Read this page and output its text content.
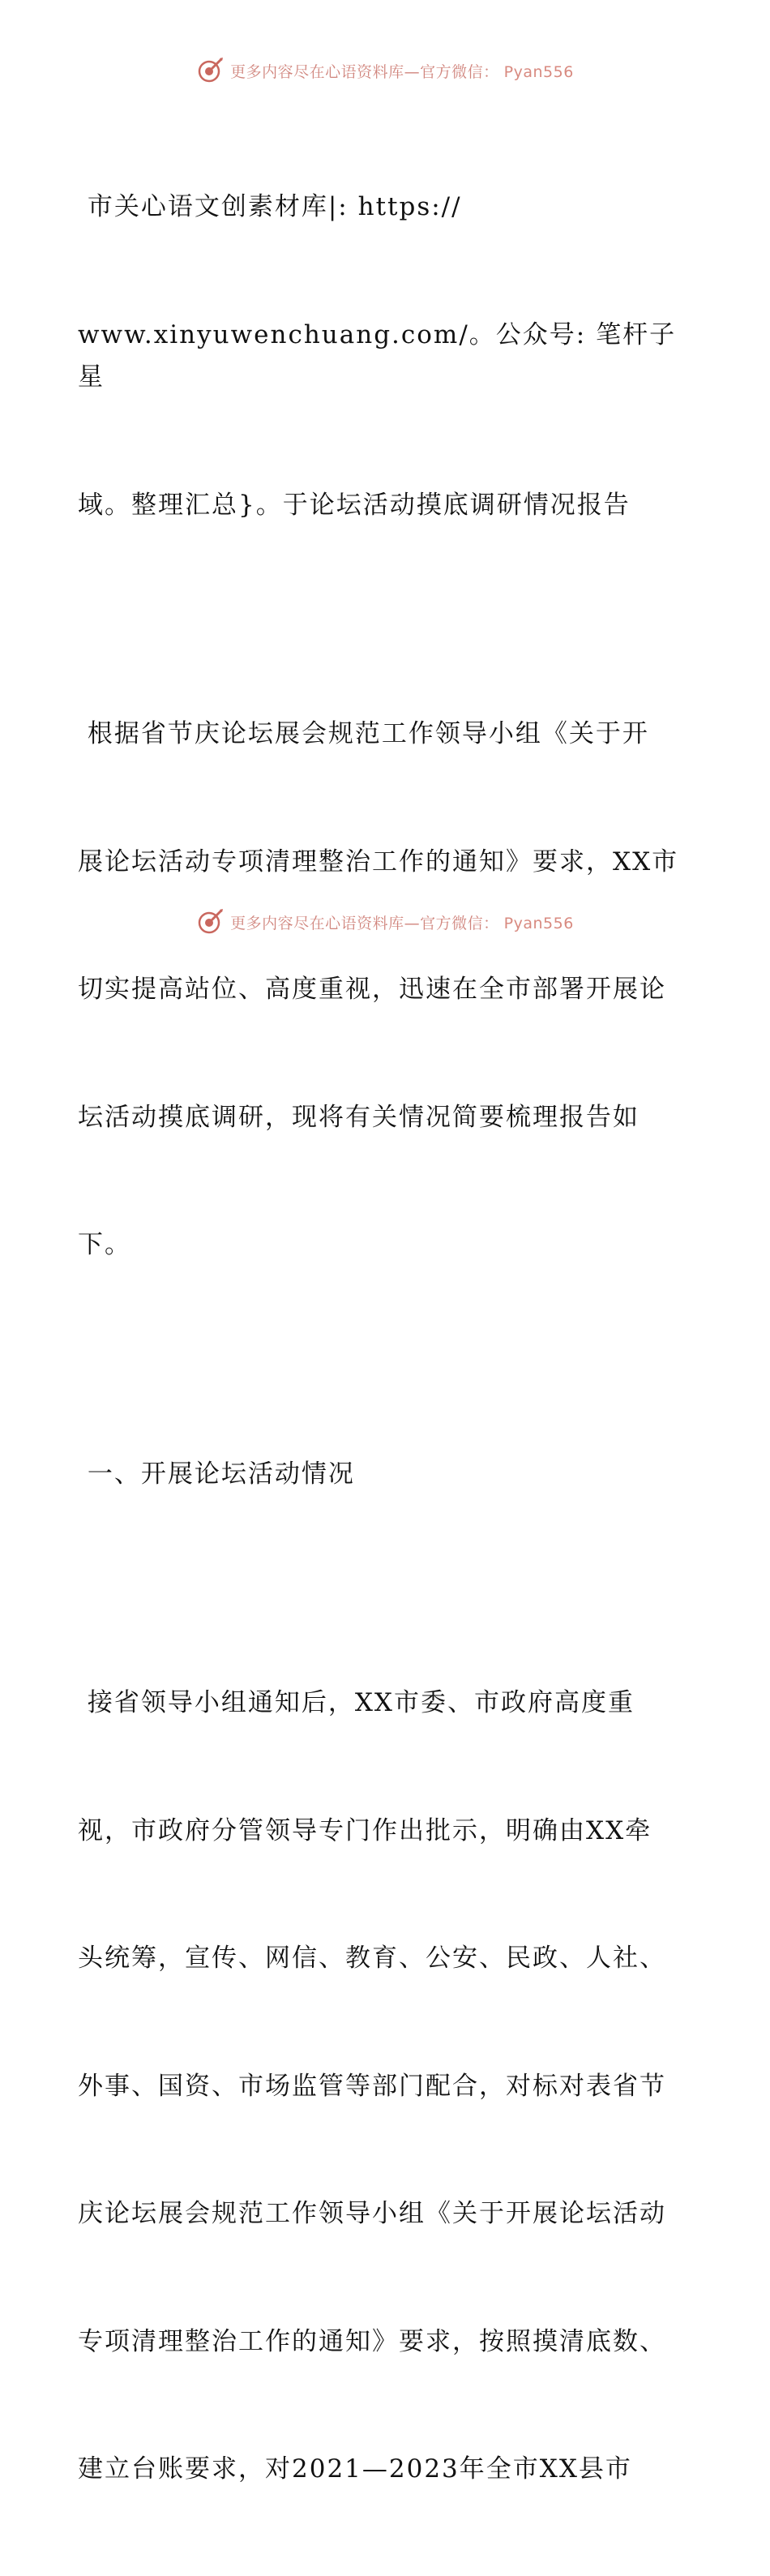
更多内容尽在心语资料库—官方微信： Pyan556

市关心语文创素材库|: https://

www.xinyuwenchuang.com/。公众号: 笔杆子星

域。整理汇总}。于论坛活动摸底调研情况报告

根据省节庆论坛展会规范工作领导小组《关于开

展论坛活动专项清理整治工作的通知》要求，XX市

切实提高站位、高度重视，迅速在全市部署开展论

坛活动摸底调研，现将有关情况简要梳理报告如

下。

一、开展论坛活动情况

接省领导小组通知后，XX市委、市政府高度重

视，市政府分管领导专门作出批示，明确由XX牵

头统筹，宣传、网信、教育、公安、民政、人社、

外事、国资、市场监管等部门配合，对标对表省节

庆论坛展会规范工作领导小组《关于开展论坛活动

专项清理整治工作的通知》要求，按照摸清底数、

建立台账要求，对2021—2023年全市XX县市

更多内容尽在心语资料库—官方微信： Pyan556
